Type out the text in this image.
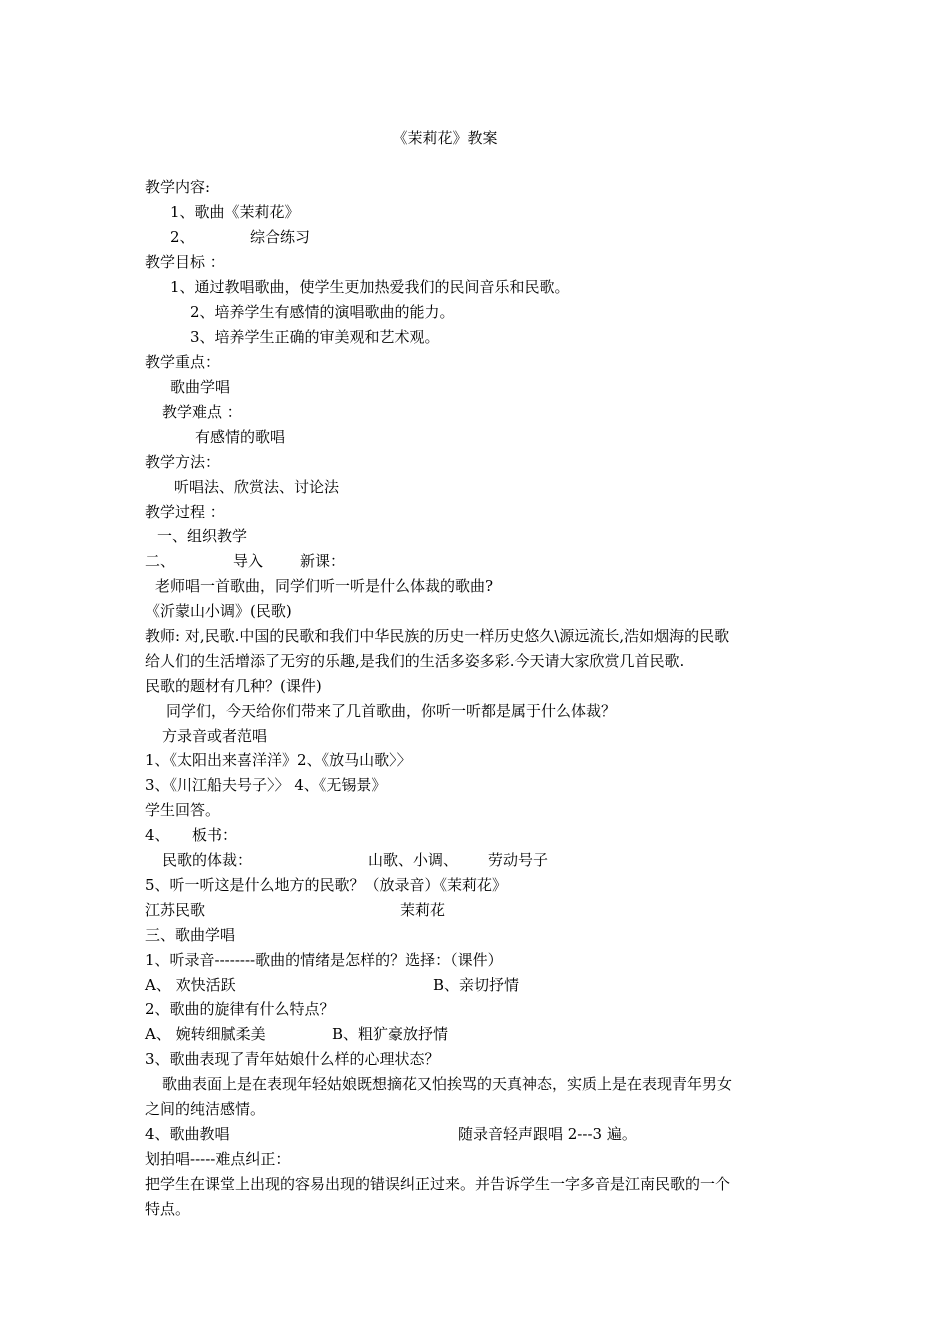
《茉莉花》教案
教学内容:
1、歌曲《茉莉花》
2、	综合练习
教学目标 ：
1、通过教唱歌曲，使学生更加热爱我们的民间音乐和民歌。
2、培养学生有感情的演唱歌曲的能力。
3、培养学生正确的审美观和艺术观。
教学重点：
歌曲学唱
教学难点 ：
有感情的歌唱
教学方法：
听唱法、欣赏法、讨论法
教学过程 ：
一、组织教学
二、	导入 新课：
老师唱一首歌曲，同学们听一听是什么体裁的歌曲?
《沂蒙山小调》(民歌)
教师: 对,民歌.中国的民歌和我们中华民族的历史一样历史悠久\源远流长,浩如烟海的民歌
给人们的生活增添了无穷的乐趣,是我们的生活多姿多彩.今天请大家欣赏几首民歌.
民歌的题材有几种？(课件)
同学们，今天给你们带来了几首歌曲，你听一听都是属于什么体裁？
方录音或者范唱
1、《太阳出来喜洋洋》2、《放马山歌〉〉
3、《川江船夫号子〉〉 4、《无锡景》
学生回答。
4、 板书：
民歌的体裁：	山歌、小调、 劳动号子
5、听一听这是什么地方的民歌？（放录音）《茉莉花》
江苏民歌	茉莉花
三、歌曲学唱
1、听录音--------歌曲的情绪是怎样的？选择：（课件）
A、 欢快活跃	B、亲切抒情
2、歌曲的旋律有什么特点？
A、 婉转细腻柔美	B、粗犷豪放抒情
3、歌曲表现了青年姑娘什么样的心理状态？
歌曲表面上是在表现年轻姑娘既想摘花又怕挨骂的天真神态，实质上是在表现青年男女
之间的纯洁感情。
4、歌曲教唱	随录音轻声跟唱 2---3 遍。
划拍唱-----难点纠正：
把学生在课堂上出现的容易出现的错误纠正过来。并告诉学生一字多音是江南民歌的一个
特点。
